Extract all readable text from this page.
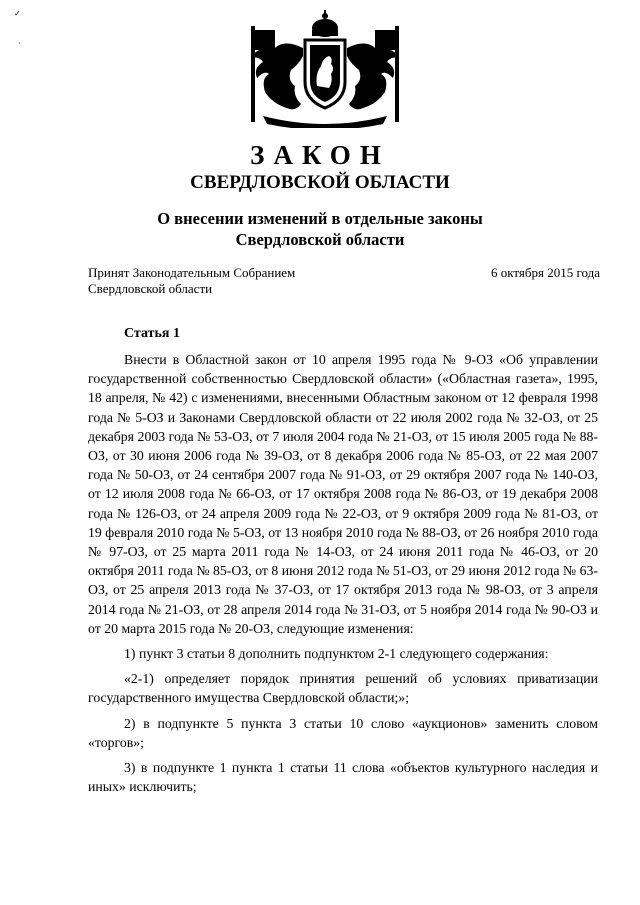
✓
·
ЗАКОН
СВЕРДЛОВСКОЙ ОБЛАСТИ
О внесении изменений в отдельные законы
Свердловской области
Принят Законодательным Собранием
Свердловской области
6 октября 2015 года
Статья 1

Внести в Областной закон от 10 апреля 1995 года № 9-ОЗ «Об управлении государственной собственностью Свердловской области» («Областная газета», 1995, 18 апреля, № 42) с изменениями, внесенными Областным законом от 12 февраля 1998 года № 5-ОЗ и Законами Свердловской области от 22 июля 2002 года № 32-ОЗ, от 25 декабря 2003 года № 53-ОЗ, от 7 июля 2004 года № 21-ОЗ, от 15 июля 2005 года № 88-ОЗ, от 30 июня 2006 года № 39-ОЗ, от 8 декабря 2006 года № 85-ОЗ, от 22 мая 2007 года № 50-ОЗ, от 24 сентября 2007 года № 91-ОЗ, от 29 октября 2007 года № 140-ОЗ, от 12 июля 2008 года № 66-ОЗ, от 17 октября 2008 года № 86-ОЗ, от 19 декабря 2008 года № 126-ОЗ, от 24 апреля 2009 года № 22-ОЗ, от 9 октября 2009 года № 81-ОЗ, от 19 февраля 2010 года № 5-ОЗ, от 13 ноября 2010 года № 88-ОЗ, от 26 ноября 2010 года № 97-ОЗ, от 25 марта 2011 года № 14-ОЗ, от 24 июня 2011 года № 46-ОЗ, от 20 октября 2011 года № 85-ОЗ, от 8 июня 2012 года № 51-ОЗ, от 29 июня 2012 года № 63-ОЗ, от 25 апреля 2013 года № 37-ОЗ, от 17 октября 2013 года № 98-ОЗ, от 3 апреля 2014 года № 21-ОЗ, от 28 апреля 2014 года № 31-ОЗ, от 5 ноября 2014 года № 90-ОЗ и от 20 марта 2015 года № 20-ОЗ, следующие изменения:

1) пункт 3 статьи 8 дополнить подпунктом 2-1 следующего содержания:

«2-1) определяет порядок принятия решений об условиях приватизации государственного имущества Свердловской области;»;

2) в подпункте 5 пункта 3 статьи 10 слово «аукционов» заменить словом «торгов»;

3) в подпункте 1 пункта 1 статьи 11 слова «объектов культурного наследия и иных» исключить;
